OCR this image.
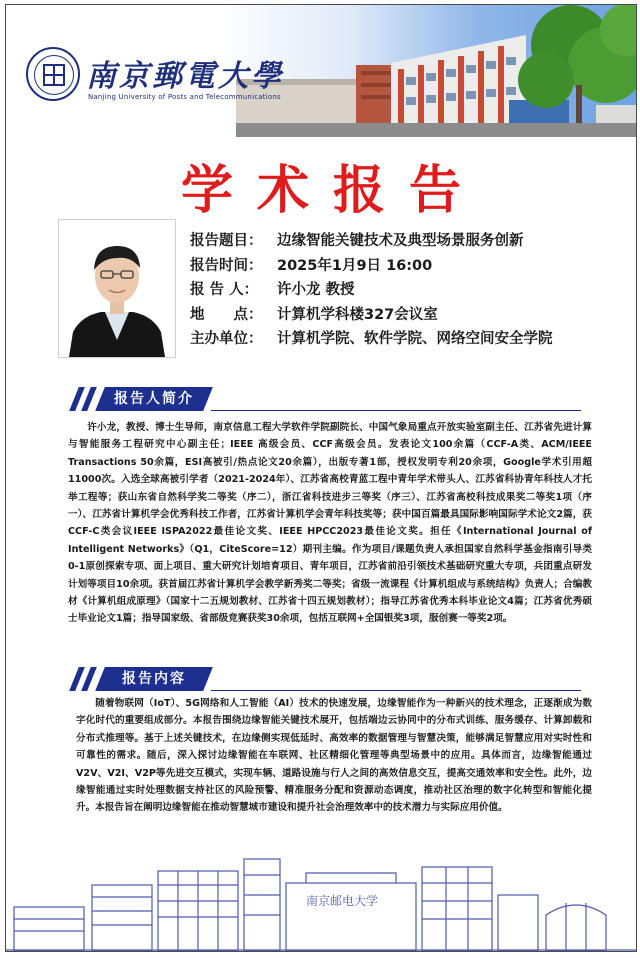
南京郵電大學
Nanjing University of Posts and Telecommunications
学术报告
报告题目： 边缘智能关键技术及典型场景服务创新
报告时间： 2025年1月9日 16:00
报 告 人： 许小龙 教授
地　　点： 计算机学科楼327会议室
主办单位： 计算机学院、软件学院、网络空间安全学院
报告人简介

许小龙，教授、博士生导师，南京信息工程大学软件学院副院长、中国气象局重点开放实验室副主任、江苏省先进计算与智能服务工程研究中心副主任；IEEE 高级会员、CCF高级会员。发表论文100余篇（CCF-A类、ACM/IEEE Transactions 50余篇，ESI高被引/热点论文20余篇），出版专著1部，授权发明专利20余项，Google学术引用超11000次。入选全球高被引学者（2021-2024年）、江苏省高校青蓝工程中青年学术带头人、江苏省科协青年科技人才托举工程等；获山东省自然科学奖二等奖（序二），浙江省科技进步三等奖（序三）、江苏省高校科技成果奖二等奖1项（序一）、江苏省计算机学会优秀科技工作者，江苏省计算机学会青年科技奖等；获中国百篇最具国际影响国际学术论文2篇，获CCF-C类会议IEEE ISPA2022最佳论文奖、IEEE HPCC2023最佳论文奖。担任《International Journal of Intelligent Networks》（Q1，CiteScore=12）期刊主编。作为项目/课题负责人承担国家自然科学基金指南引导类0-1原创探索专项、面上项目、重大研究计划培育项目、青年项目，江苏省前沿引领技术基础研究重大专项，兵团重点研发计划等项目10余项。获首届江苏省计算机学会教学新秀奖二等奖；省级一流课程《计算机组成与系统结构》负责人；合编教材《计算机组成原理》（国家十二五规划教材、江苏省十四五规划教材）；指导江苏省优秀本科毕业论文4篇；江苏省优秀硕士毕业论文1篇；指导国家级、省部级竞赛获奖30余项，包括互联网+全国银奖3项，服创赛一等奖2项。

报告内容

随着物联网（IoT）、5G网络和人工智能（AI）技术的快速发展，边缘智能作为一种新兴的技术理念，正逐渐成为数字化时代的重要组成部分。本报告围绕边缘智能关键技术展开，包括端边云协同中的分布式训练、服务缓存、计算卸载和分布式推理等。基于上述关键技术，在边缘侧实现低延时、高效率的数据管理与智慧决策，能够满足智慧应用对实时性和可靠性的需求。随后，深入探讨边缘智能在车联网、社区精细化管理等典型场景中的应用。具体而言，边缘智能通过V2V、V2I、V2P等先进交互模式，实现车辆、道路设施与行人之间的高效信息交互，提高交通效率和安全性。此外，边缘智能通过实时处理数据支持社区的风险预警、精准服务分配和资源动态调度，推动社区治理的数字化转型和智能化提升。本报告旨在阐明边缘智能在推动智慧城市建设和提升社会治理效率中的技术潜力与实际应用价值。

南京邮电大学
